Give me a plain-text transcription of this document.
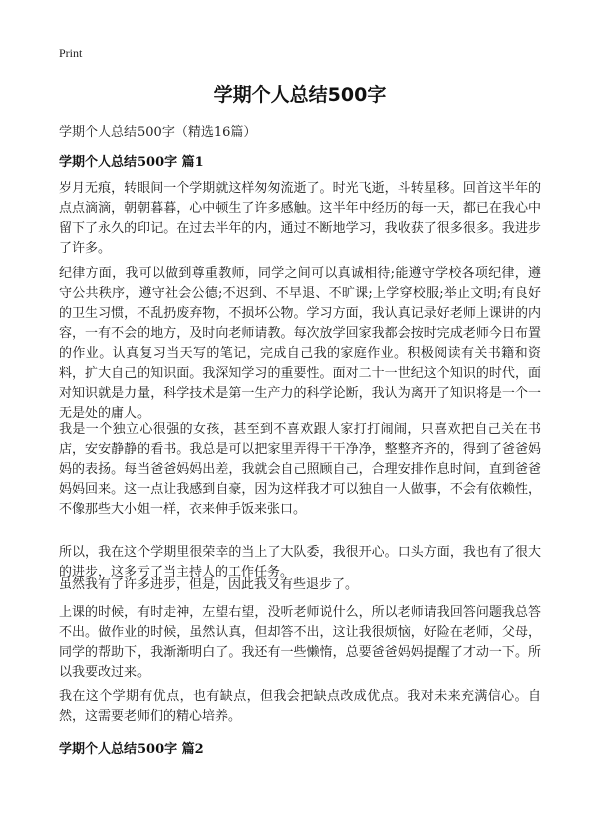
Print
学期个人总结500字
学期个人总结500字（精选16篇）
学期个人总结500字 篇1

岁月无痕，转眼间一个学期就这样匆匆流逝了。时光飞逝，斗转星移。回首这半年的点点滴滴，朝朝暮暮，心中顿生了许多感触。这半年中经历的每一天，都已在我心中留下了永久的印记。在过去半年的内，通过不断地学习，我收获了很多很多。我进步了许多。

纪律方面，我可以做到尊重教师，同学之间可以真诚相待;能遵守学校各项纪律，遵守公共秩序，遵守社会公德;不迟到、不早退、不旷课;上学穿校服;举止文明;有良好的卫生习惯，不乱扔废弃物，不损坏公物。学习方面，我认真记录好老师上课讲的内容，一有不会的地方，及时向老师请教。每次放学回家我都会按时完成老师今日布置的作业。认真复习当天写的笔记，完成自己我的家庭作业。积极阅读有关书籍和资料，扩大自己的知识面。我深知学习的重要性。面对二十一世纪这个知识的时代，面对知识就是力量，科学技术是第一生产力的科学论断，我认为离开了知识将是一个一无是处的庸人。

我是一个独立心很强的女孩，甚至到不喜欢跟人家打打闹闹，只喜欢把自己关在书店，安安静静的看书。我总是可以把家里弄得干干净净，整整齐齐的，得到了爸爸妈妈的表扬。每当爸爸妈妈出差，我就会自己照顾自己，合理安排作息时间，直到爸爸妈妈回来。这一点让我感到自豪，因为这样我才可以独自一人做事，不会有依赖性，不像那些大小姐一样，衣来伸手饭来张口。

所以，我在这个学期里很荣幸的当上了大队委，我很开心。口头方面，我也有了很大的进步，这多亏了当主持人的工作任务。

虽然我有了许多进步，但是，因此我又有些退步了。

上课的时候，有时走神，左望右望，没听老师说什么，所以老师请我回答问题我总答不出。做作业的时候，虽然认真，但却答不出，这让我很烦恼，好险在老师，父母，同学的帮助下，我渐渐明白了。我还有一些懒惰，总要爸爸妈妈提醒了才动一下。所以我要改过来。

我在这个学期有优点，也有缺点，但我会把缺点改成优点。我对未来充满信心。自然，这需要老师们的精心培养。

学期个人总结500字 篇2
